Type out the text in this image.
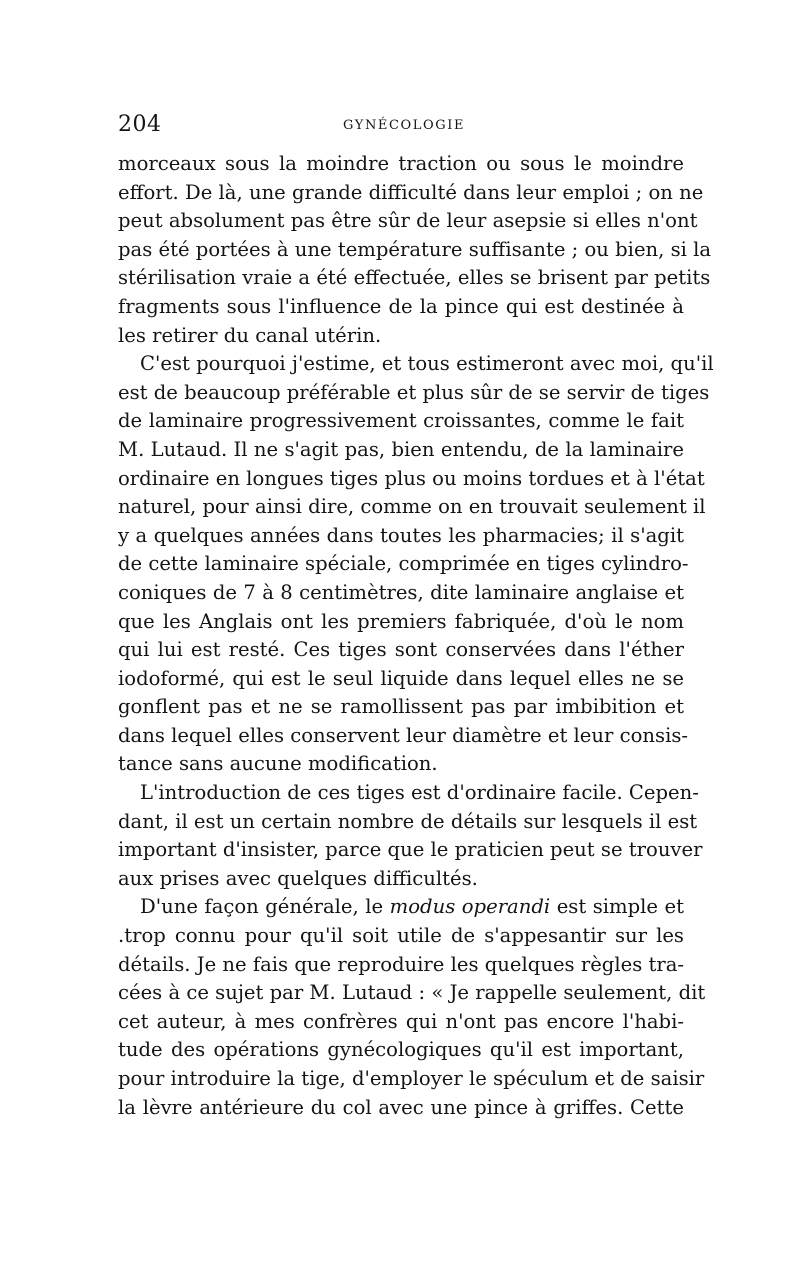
204	GYNÉCOLOGIE
morceaux sous la moindre traction ou sous le moindre
effort. De là, une grande difficulté dans leur emploi ; on ne
peut absolument pas être sûr de leur asepsie si elles n'ont
pas été portées à une température suffisante ; ou bien, si la
stérilisation vraie a été effectuée, elles se brisent par petits
fragments sous l'influence de la pince qui est destinée à
les retirer du canal utérin.
C'est pourquoi j'estime, et tous estimeront avec moi, qu'il
est de beaucoup préférable et plus sûr de se servir de tiges
de laminaire progressivement croissantes, comme le fait
M. Lutaud. Il ne s'agit pas, bien entendu, de la laminaire
ordinaire en longues tiges plus ou moins tordues et à l'état
naturel, pour ainsi dire, comme on en trouvait seulement il
y a quelques années dans toutes les pharmacies; il s'agit
de cette laminaire spéciale, comprimée en tiges cylindro-
coniques de 7 à 8 centimètres, dite laminaire anglaise et
que les Anglais ont les premiers fabriquée, d'où le nom
qui lui est resté. Ces tiges sont conservées dans l'éther
iodoformé, qui est le seul liquide dans lequel elles ne se
gonflent pas et ne se ramollissent pas par imbibition et
dans lequel elles conservent leur diamètre et leur consis-
tance sans aucune modification.
L'introduction de ces tiges est d'ordinaire facile. Cepen-
dant, il est un certain nombre de détails sur lesquels il est
important d'insister, parce que le praticien peut se trouver
aux prises avec quelques difficultés.
D'une façon générale, le modus operandi est simple et
.trop connu pour qu'il soit utile de s'appesantir sur les
détails. Je ne fais que reproduire les quelques règles tra-
cées à ce sujet par M. Lutaud : « Je rappelle seulement, dit
cet auteur, à mes confrères qui n'ont pas encore l'habi-
tude des opérations gynécologiques qu'il est important,
pour introduire la tige, d'employer le spéculum et de saisir
la lèvre antérieure du col avec une pince à griffes. Cette
